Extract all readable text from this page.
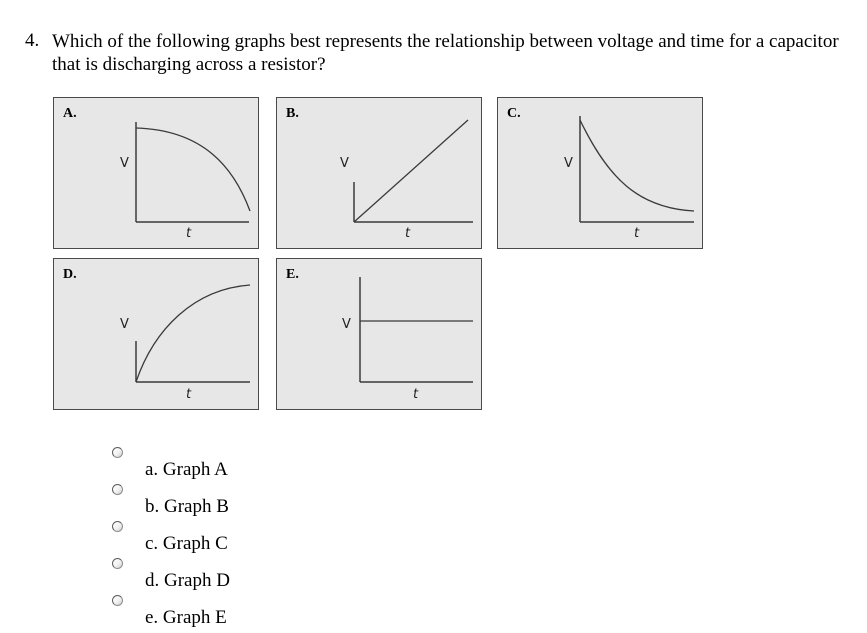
4. Which of the following graphs best represents the relationship between voltage and time for a capacitor that is discharging across a resistor?
A.
V
t
B.
V
t
C.
V
t
D.
V
t
E.
V
t
a. Graph A
b. Graph B
c. Graph C
d. Graph D
e. Graph E
